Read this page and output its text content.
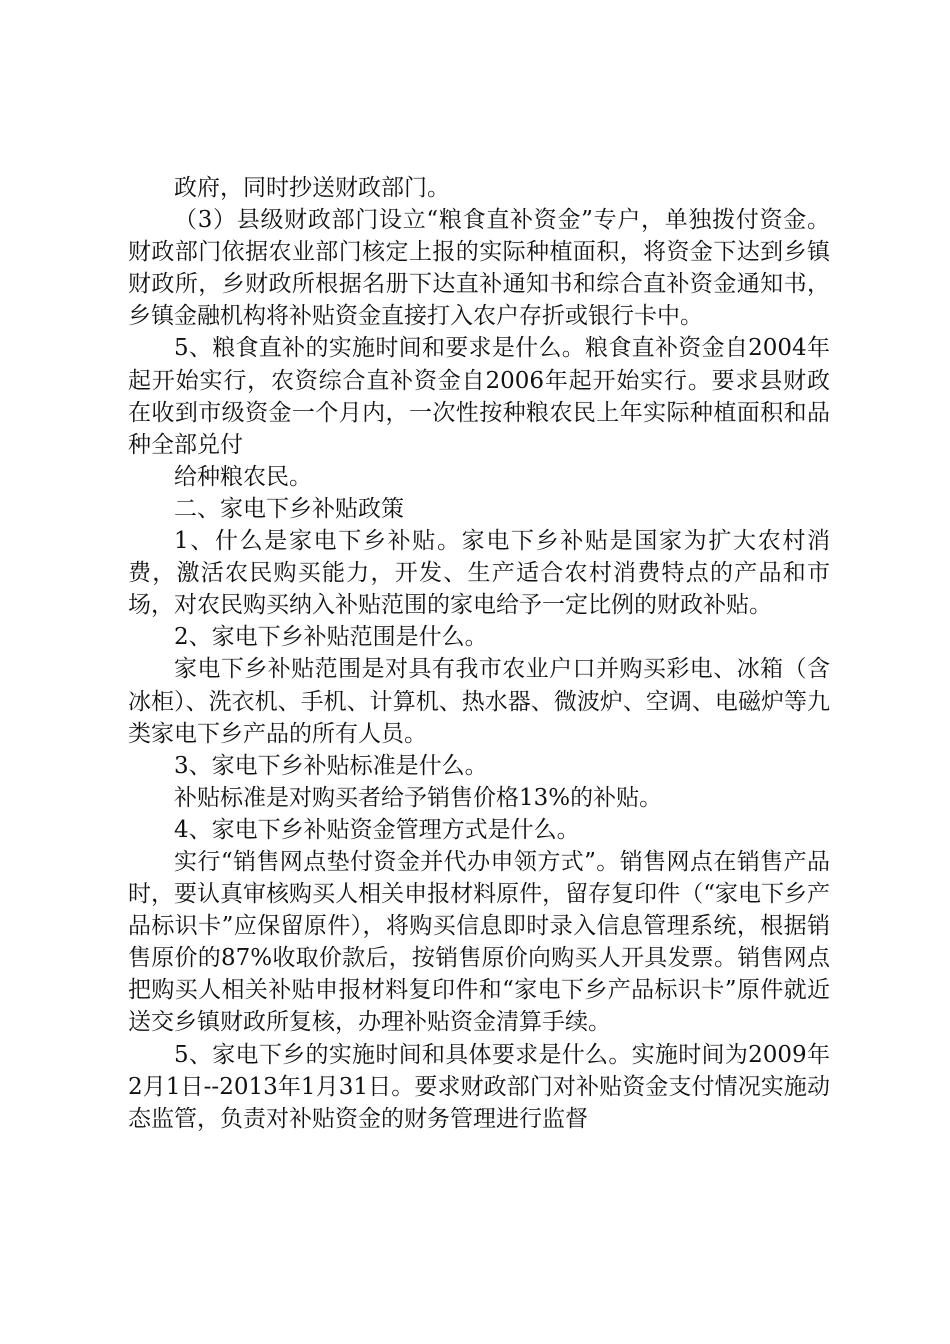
政府，同时抄送财政部门。

（3）县级财政部门设立“粮食直补资金”专户，单独拨付资金。财政部门依据农业部门核定上报的实际种植面积，将资金下达到乡镇财政所，乡财政所根据名册下达直补通知书和综合直补资金通知书，乡镇金融机构将补贴资金直接打入农户存折或银行卡中。

5、粮食直补的实施时间和要求是什么。粮食直补资金自2004年起开始实行，农资综合直补资金自2006年起开始实行。要求县财政在收到市级资金一个月内，一次性按种粮农民上年实际种植面积和品种全部兑付

给种粮农民。

二、家电下乡补贴政策

1、什么是家电下乡补贴。家电下乡补贴是国家为扩大农村消费，激活农民购买能力，开发、生产适合农村消费特点的产品和市场，对农民购买纳入补贴范围的家电给予一定比例的财政补贴。

2、家电下乡补贴范围是什么。

家电下乡补贴范围是对具有我市农业户口并购买彩电、冰箱（含冰柜）、洗衣机、手机、计算机、热水器、微波炉、空调、电磁炉等九类家电下乡产品的所有人员。

3、家电下乡补贴标准是什么。

补贴标准是对购买者给予销售价格13%的补贴。

4、家电下乡补贴资金管理方式是什么。

实行“销售网点垫付资金并代办申领方式”。销售网点在销售产品时，要认真审核购买人相关申报材料原件，留存复印件（“家电下乡产品标识卡”应保留原件），将购买信息即时录入信息管理系统，根据销售原价的87%收取价款后，按销售原价向购买人开具发票。销售网点把购买人相关补贴申报材料复印件和“家电下乡产品标识卡”原件就近送交乡镇财政所复核，办理补贴资金清算手续。

5、家电下乡的实施时间和具体要求是什么。实施时间为2009年2月1日--2013年1月31日。要求财政部门对补贴资金支付情况实施动态监管，负责对补贴资金的财务管理进行监督
